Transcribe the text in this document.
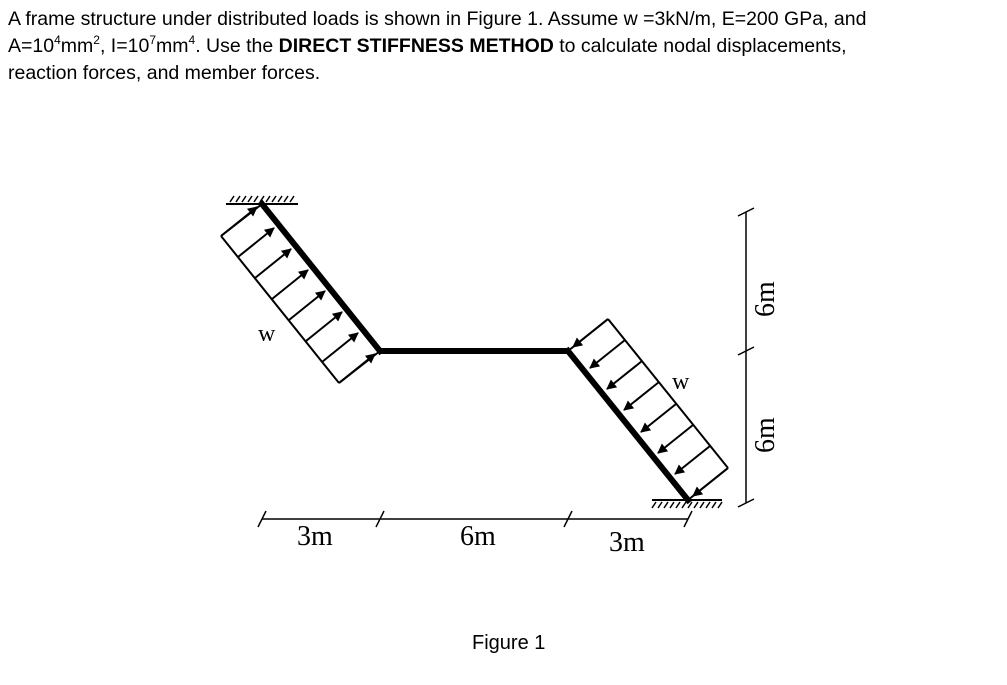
A frame structure under distributed loads is shown in Figure 1. Assume w =3kN/m, E=200 GPa, and
$A=10^4mm^2$, $I=10^7mm^4$. Use the DIRECT STIFFNESS METHOD to calculate nodal displacements,
reaction forces, and member forces.
w
w
3m	6m	3m
6m
6m
Figure 1
